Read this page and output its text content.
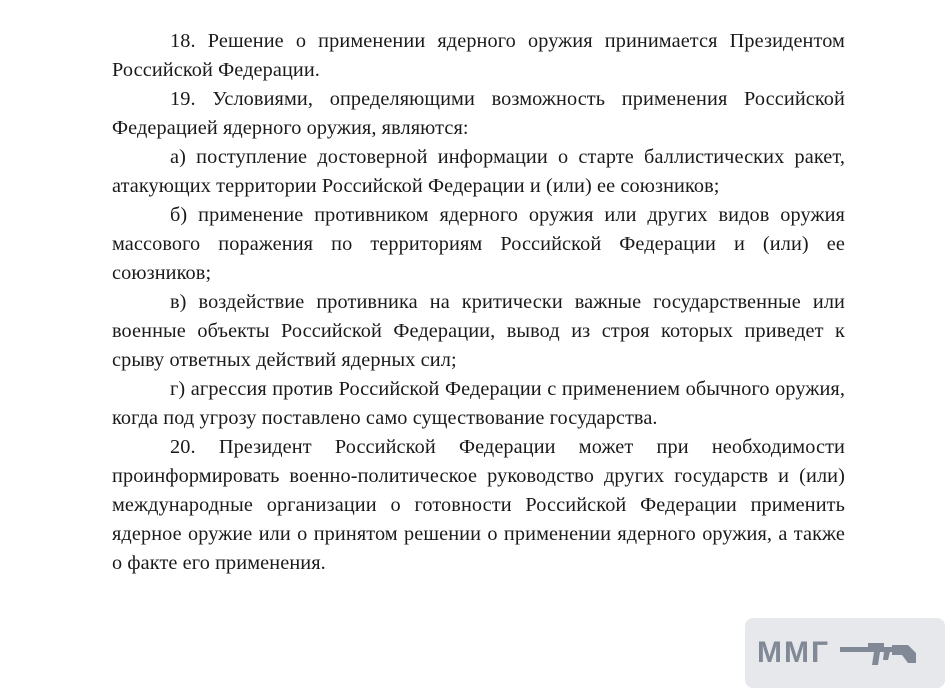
18. Решение о применении ядерного оружия принимается Президентом Российской Федерации.

19. Условиями, определяющими возможность применения Российской Федерацией ядерного оружия, являются:

а) поступление достоверной информации о старте баллистических ракет, атакующих территории Российской Федерации и (или) ее союзников;

б) применение противником ядерного оружия или других видов оружия массового поражения по территориям Российской Федерации и (или) ее союзников;

в) воздействие противника на критически важные государственные или военные объекты Российской Федерации, вывод из строя которых приведет к срыву ответных действий ядерных сил;

г) агрессия против Российской Федерации с применением обычного оружия, когда под угрозу поставлено само существование государства.

20. Президент Российской Федерации может при необходимости проинформировать военно-политическое руководство других государств и (или) международные организации о готовности Российской Федерации применить ядерное оружие или о принятом решении о применении ядерного оружия, а также о факте его применения.

ММГ
